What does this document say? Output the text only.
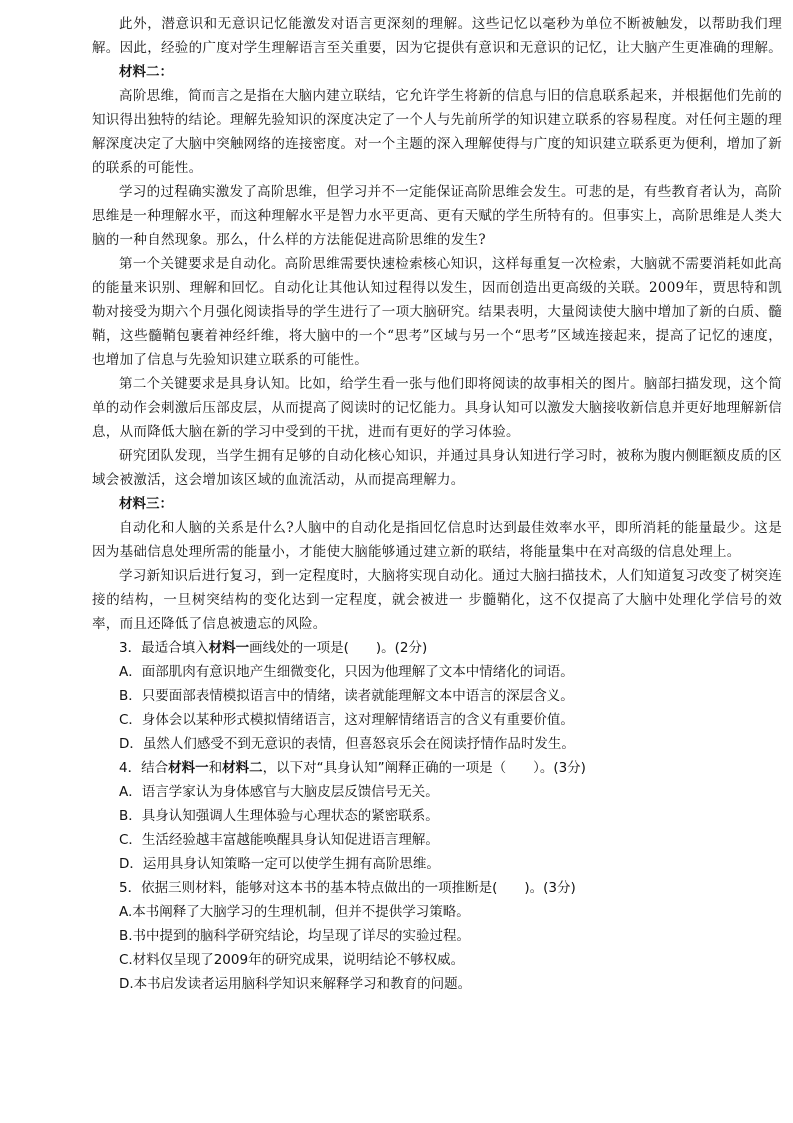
此外，潜意识和无意识记忆能激发对语言更深刻的理解。这些记忆以毫秒为单位不断被触发，以帮助我们理解。因此，经验的广度对学生理解语言至关重要，因为它提供有意识和无意识的记忆，让大脑产生更准确的理解。

材料二：

高阶思维，简而言之是指在大脑内建立联结，它允许学生将新的信息与旧的信息联系起来，并根据他们先前的知识得出独特的结论。理解先验知识的深度决定了一个人与先前所学的知识建立联系的容易程度。对任何主题的理解深度决定了大脑中突触网络的连接密度。对一个主题的深入理解使得与广度的知识建立联系更为便利，增加了新的联系的可能性。

学习的过程确实激发了高阶思维，但学习并不一定能保证高阶思维会发生。可悲的是，有些教育者认为，高阶思维是一种理解水平，而这种理解水平是智力水平更高、更有天赋的学生所特有的。但事实上，高阶思维是人类大脑的一种自然现象。那么，什么样的方法能促进高阶思维的发生?

第一个关键要求是自动化。高阶思维需要快速检索核心知识，这样每重复一次检索，大脑就不需要消耗如此高的能量来识别、理解和回忆。自动化让其他认知过程得以发生，因而创造出更高级的关联。2009年，贾思特和凯勒对接受为期六个月强化阅读指导的学生进行了一项大脑研究。结果表明，大量阅读使大脑中增加了新的白质、髓鞘，这些髓鞘包裹着神经纤维，将大脑中的一个“思考”区域与另一个“思考”区域连接起来，提高了记忆的速度，也增加了信息与先验知识建立联系的可能性。

第二个关键要求是具身认知。比如，给学生看一张与他们即将阅读的故事相关的图片。脑部扫描发现，这个简单的动作会刺激后压部皮层，从而提高了阅读时的记忆能力。具身认知可以激发大脑接收新信息并更好地理解新信息，从而降低大脑在新的学习中受到的干扰，进而有更好的学习体验。

研究团队发现，当学生拥有足够的自动化核心知识，并通过具身认知进行学习时，被称为腹内侧眶额皮质的区域会被激活，这会增加该区域的血流活动，从而提高理解力。

材料三：

自动化和人脑的关系是什么?人脑中的自动化是指回忆信息时达到最佳效率水平，即所消耗的能量最少。这是因为基础信息处理所需的能量小，才能使大脑能够通过建立新的联结，将能量集中在对高级的信息处理上。

学习新知识后进行复习，到一定程度时，大脑将实现自动化。通过大脑扫描技术，人们知道复习改变了树突连接的结构，一旦树突结构的变化达到一定程度，就会被进一 步髓鞘化，这不仅提高了大脑中处理化学信号的效率，而且还降低了信息被遗忘的风险。

3．最适合填入材料一画线处的一项是(　　)。(2分)

A．面部肌肉有意识地产生细微变化，只因为他理解了文本中情绪化的词语。

B．只要面部表情模拟语言中的情绪，读者就能理解文本中语言的深层含义。

C．身体会以某种形式模拟情绪语言，这对理解情绪语言的含义有重要价值。

D．虽然人们感受不到无意识的表情，但喜怒哀乐会在阅读抒情作品时发生。

4．结合材料一和材料二，以下对“具身认知”阐释正确的一项是（　　）。(3分)

A．语言学家认为身体感官与大脑皮层反馈信号无关。

B．具身认知强调人生理体验与心理状态的紧密联系。

C．生活经验越丰富越能唤醒具身认知促进语言理解。

D．运用具身认知策略一定可以使学生拥有高阶思维。

5．依据三则材料，能够对这本书的基本特点做出的一项推断是(　　)。(3分)

A.本书阐释了大脑学习的生理机制，但并不提供学习策略。

B.书中提到的脑科学研究结论，均呈现了详尽的实验过程。

C.材料仅呈现了2009年的研究成果，说明结论不够权威。

D.本书启发读者运用脑科学知识来解释学习和教育的问题。
